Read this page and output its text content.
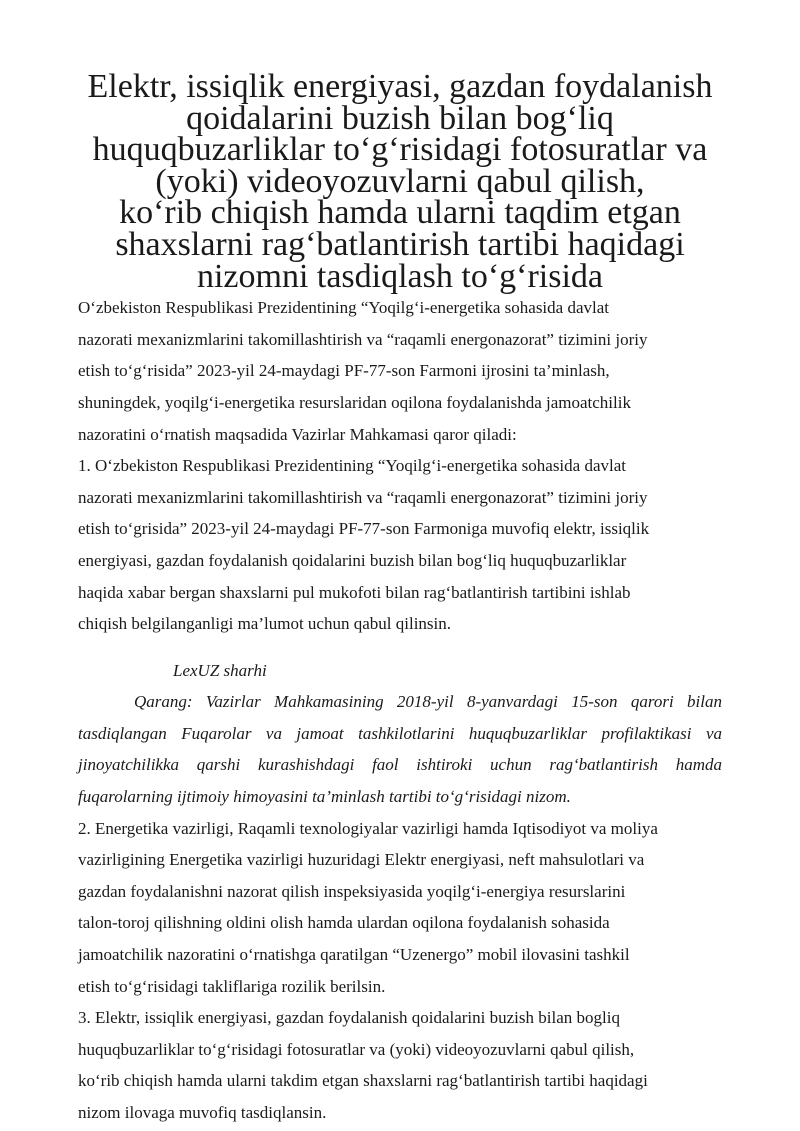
Elektr, issiqlik energiyasi, gazdan foydalanish qoidalarini buzish bilan bog‘liq
huquqbuzarliklar to‘g‘risidagi fotosuratlar va (yoki) videoyozuvlarni qabul qilish,
ko‘rib chiqish hamda ularni taqdim etgan shaxslarni rag‘batlantirish tartibi haqidagi
nizomni tasdiqlash to‘g‘risida

O‘zbekiston Respublikasi Prezidentining “Yoqilg‘i-energetika sohasida davlat
nazorati mexanizmlarini takomillashtirish va “raqamli energonazorat” tizimini joriy
etish to‘g‘risida” 2023-yil 24-maydagi PF-77-son Farmoni ijrosini ta’minlash,
shuningdek, yoqilg‘i-energetika resurslaridan oqilona foydalanishda jamoatchilik
nazoratini o‘rnatish maqsadida Vazirlar Mahkamasi qaror qiladi:

1. O‘zbekiston Respublikasi Prezidentining “Yoqilg‘i-energetika sohasida davlat
nazorati mexanizmlarini takomillashtirish va “raqamli energonazorat” tizimini joriy
etish to‘grisida” 2023-yil 24-maydagi PF-77-son Farmoniga muvofiq elektr, issiqlik
energiyasi, gazdan foydalanish qoidalarini buzish bilan bog‘liq huquqbuzarliklar
haqida xabar bergan shaxslarni pul mukofoti bilan rag‘batlantirish tartibini ishlab
chiqish belgilanganligi ma’lumot uchun qabul qilinsin.

LexUZ sharhi

Qarang: Vazirlar Mahkamasining 2018-yil 8-yanvardagi 15-son qarori bilan
tasdiqlangan Fuqarolar va jamoat tashkilotlarini huquqbuzarliklar profilaktikasi va
jinoyatchilikka qarshi kurashishdagi faol ishtiroki uchun rag‘batlantirish hamda
fuqarolarning ijtimoiy himoyasini ta’minlash tartibi to‘g‘risidagi nizom.

2. Energetika vazirligi, Raqamli texnologiyalar vazirligi hamda Iqtisodiyot va moliya
vazirligining Energetika vazirligi huzuridagi Elektr energiyasi, neft mahsulotlari va
gazdan foydalanishni nazorat qilish inspeksiyasida yoqilg‘i-energiya resurslarini
talon-toroj qilishning oldini olish hamda ulardan oqilona foydalanish sohasida
jamoatchilik nazoratini o‘rnatishga qaratilgan “Uzenergo” mobil ilovasini tashkil
etish to‘g‘risidagi takliflariga rozilik berilsin.

3. Elektr, issiqlik energiyasi, gazdan foydalanish qoidalarini buzish bilan bogliq
huquqbuzarliklar to‘g‘risidagi fotosuratlar va (yoki) videoyozuvlarni qabul qilish,
ko‘rib chiqish hamda ularni takdim etgan shaxslarni rag‘batlantirish tartibi haqidagi
nizom ilovaga muvofiq tasdiqlansin.
